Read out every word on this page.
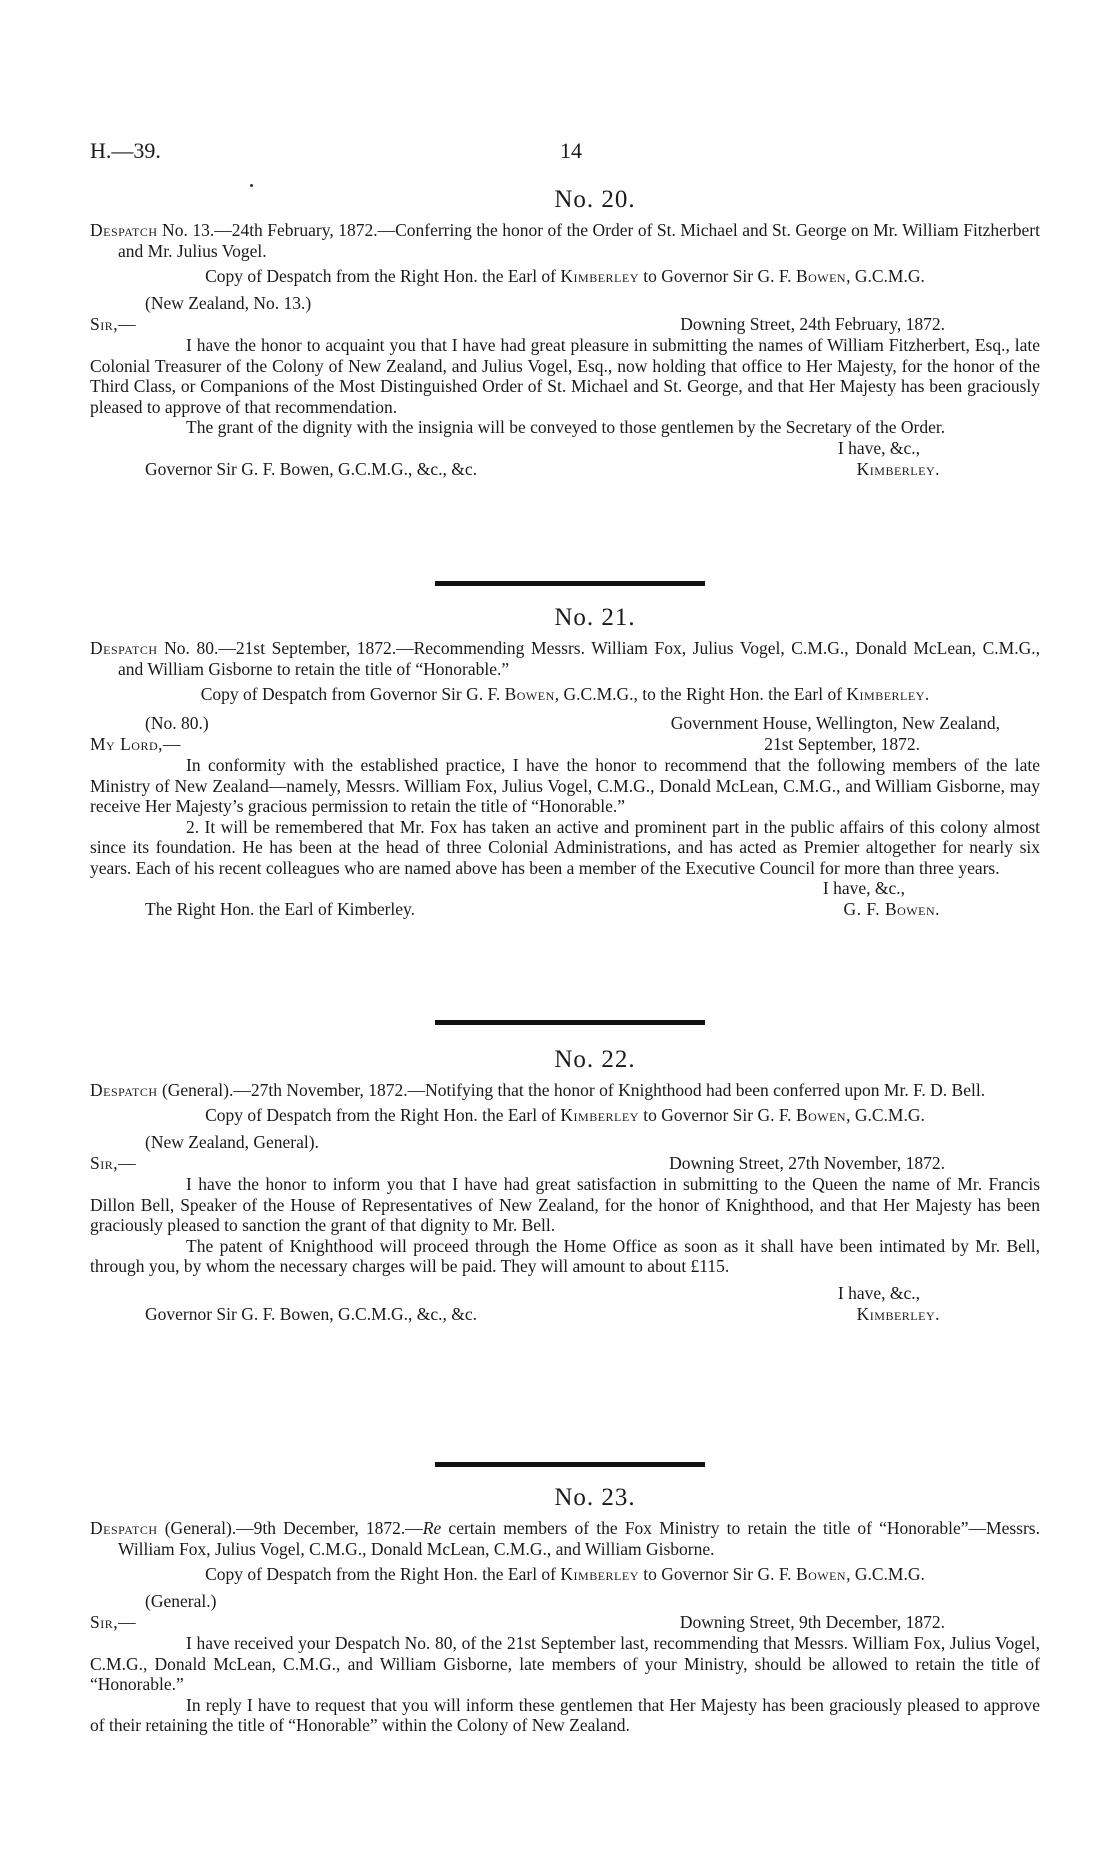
H.—39.	14
No. 20.

Despatch No. 13.—24th February, 1872.—Conferring the honor of the Order of St. Michael and St. George on Mr. William Fitzherbert and Mr. Julius Vogel.

Copy of Despatch from the Right Hon. the Earl of Kimberley to Governor Sir G. F. Bowen, G.C.M.G.

(New Zealand, No. 13.)
Sir,—	Downing Street, 24th February, 1872.

I have the honor to acquaint you that I have had great pleasure in submitting the names of William Fitzherbert, Esq., late Colonial Treasurer of the Colony of New Zealand, and Julius Vogel, Esq., now holding that office to Her Majesty, for the honor of the Third Class, or Companions of the Most Distinguished Order of St. Michael and St. George, and that Her Majesty has been graciously pleased to approve of that recommendation.

The grant of the dignity with the insignia will be conveyed to those gentlemen by the Secretary of the Order.

I have, &c.,
Governor Sir G. F. Bowen, G.C.M.G., &c., &c.	Kimberley.
No. 21.

Despatch No. 80.—21st September, 1872.—Recommending Messrs. William Fox, Julius Vogel, C.M.G., Donald McLean, C.M.G., and William Gisborne to retain the title of “Honorable.”

Copy of Despatch from Governor Sir G. F. Bowen, G.C.M.G., to the Right Hon. the Earl of Kimberley.

(No. 80.)	Government House, Wellington, New Zealand,
My Lord,—	21st September, 1872.

In conformity with the established practice, I have the honor to recommend that the following members of the late Ministry of New Zealand—namely, Messrs. William Fox, Julius Vogel, C.M.G., Donald McLean, C.M.G., and William Gisborne, may receive Her Majesty’s gracious permission to retain the title of “Honorable.”

2. It will be remembered that Mr. Fox has taken an active and prominent part in the public affairs of this colony almost since its foundation. He has been at the head of three Colonial Administrations, and has acted as Premier altogether for nearly six years. Each of his recent colleagues who are named above has been a member of the Executive Council for more than three years.

I have, &c.,
The Right Hon. the Earl of Kimberley.	G. F. Bowen.
No. 22.

Despatch (General).—27th November, 1872.—Notifying that the honor of Knighthood had been conferred upon Mr. F. D. Bell.

Copy of Despatch from the Right Hon. the Earl of Kimberley to Governor Sir G. F. Bowen, G.C.M.G.

(New Zealand, General).
Sir,—	Downing Street, 27th November, 1872.

I have the honor to inform you that I have had great satisfaction in submitting to the Queen the name of Mr. Francis Dillon Bell, Speaker of the House of Representatives of New Zealand, for the honor of Knighthood, and that Her Majesty has been graciously pleased to sanction the grant of that dignity to Mr. Bell.

The patent of Knighthood will proceed through the Home Office as soon as it shall have been intimated by Mr. Bell, through you, by whom the necessary charges will be paid. They will amount to about £115.

I have, &c.,
Governor Sir G. F. Bowen, G.C.M.G., &c., &c.	Kimberley.
No. 23.

Despatch (General).—9th December, 1872.—Re certain members of the Fox Ministry to retain the title of “Honorable”—Messrs. William Fox, Julius Vogel, C.M.G., Donald McLean, C.M.G., and William Gisborne.

Copy of Despatch from the Right Hon. the Earl of Kimberley to Governor Sir G. F. Bowen, G.C.M.G.

(General.)
Sir,—	Downing Street, 9th December, 1872.

I have received your Despatch No. 80, of the 21st September last, recommending that Messrs. William Fox, Julius Vogel, C.M.G., Donald McLean, C.M.G., and William Gisborne, late members of your Ministry, should be allowed to retain the title of “Honorable.”

In reply I have to request that you will inform these gentlemen that Her Majesty has been graciously pleased to approve of their retaining the title of “Honorable” within the Colony of New Zealand.
